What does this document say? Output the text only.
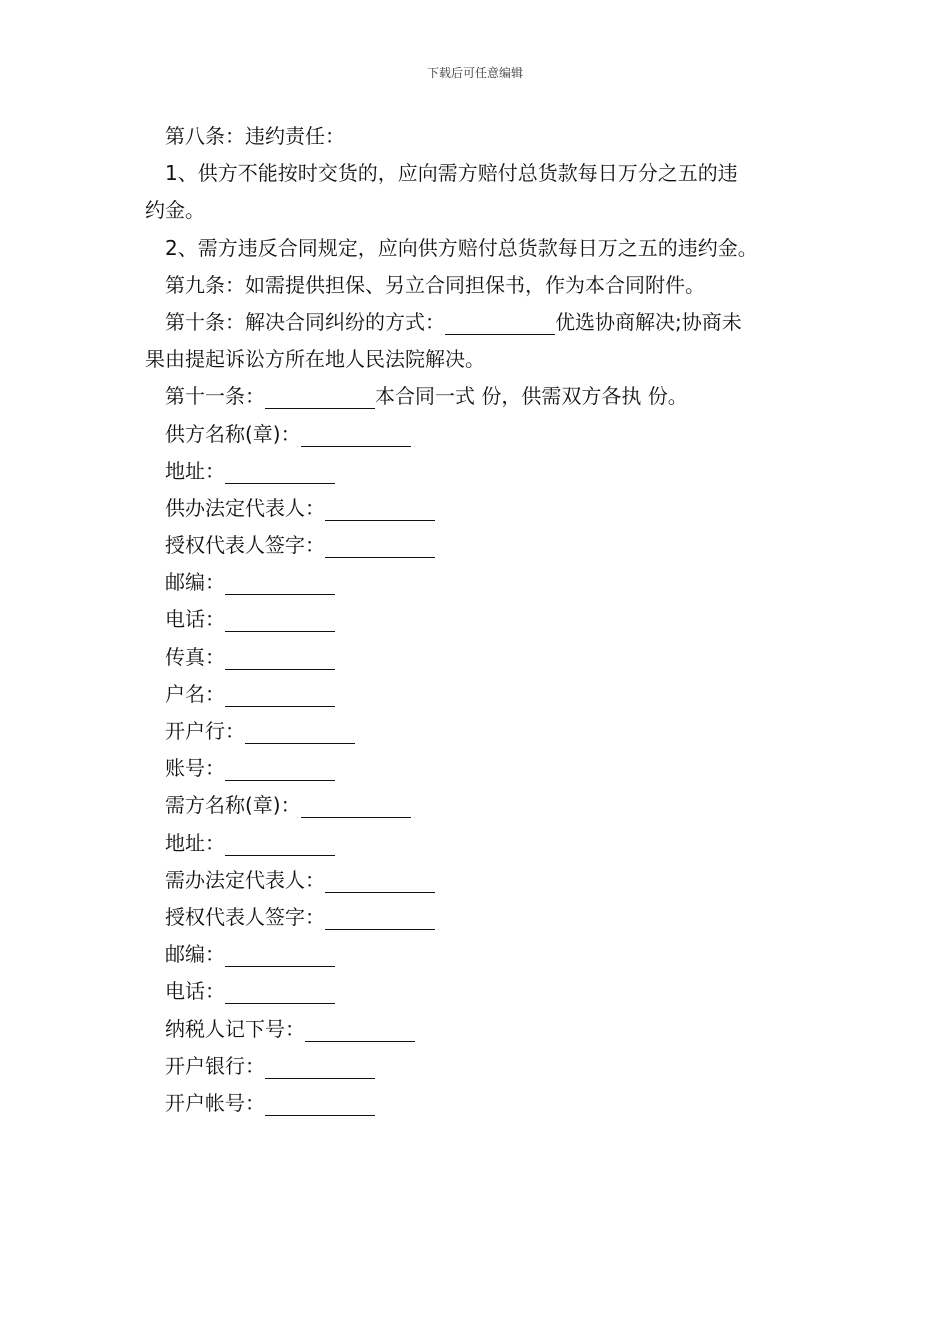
下载后可任意编辑
第八条：违约责任：
1、供方不能按时交货的，应向需方赔付总货款每日万分之五的违
约金。
2、需方违反合同规定，应向供方赔付总货款每日万之五的违约金。
第九条：如需提供担保、另立合同担保书，作为本合同附件。
第十条：解决合同纠纷的方式：	优选协商解决;协商未
果由提起诉讼方所在地人民法院解决。
第十一条：	本合同一式 份，供需双方各执 份。
供方名称(章)：
地址：
供办法定代表人：
授权代表人签字：
邮编：
电话：
传真：
户名：
开户行：
账号：
需方名称(章)：
地址：
需办法定代表人：
授权代表人签字：
邮编：
电话：
纳税人记下号：
开户银行：
开户帐号：
